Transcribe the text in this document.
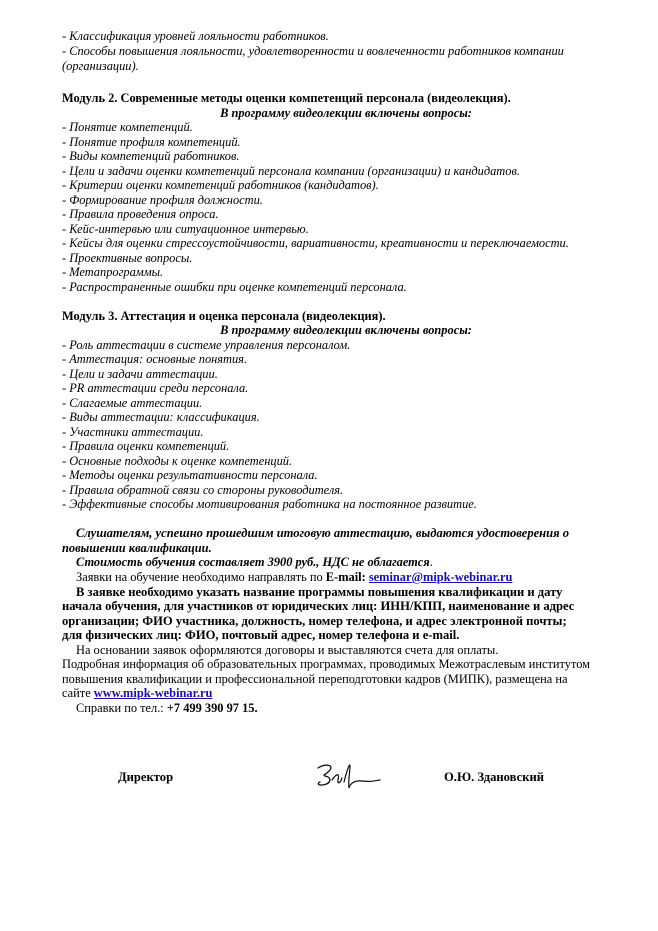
- Классификация уровней лояльности работников.
- Способы повышения лояльности, удовлетворенности и вовлеченности работников компании
(организации).
Модуль 2. Современные методы оценки компетенций персонала (видеолекция).
В программу видеолекции включены вопросы:
- Понятие компетенций.
- Понятие профиля компетенций.
- Виды компетенций работников.
- Цели и задачи оценки компетенций персонала компании (организации) и кандидатов.
- Критерии оценки компетенций работников (кандидатов).
- Формирование профиля должности.
- Правила проведения опроса.
- Кейс-интервью или ситуационное интервью.
- Кейсы для оценки стрессоустойчивости, вариативности, креативности и переключаемости.
- Проективные вопросы.
- Метапрограммы.
- Распространенные ошибки при оценке компетенций персонала.
Модуль 3. Аттестация и оценка персонала (видеолекция).
В программу видеолекции включены вопросы:
- Роль аттестации в системе управления персоналом.
- Аттестация: основные понятия.
- Цели и задачи аттестации.
- PR аттестации среди персонала.
- Слагаемые аттестации.
- Виды аттестации: классификация.
- Участники аттестации.
- Правила оценки компетенций.
- Основные подходы к оценке компетенций.
- Методы оценки результативности персонала.
- Правила обратной связи со стороны руководителя.
- Эффективные способы мотивирования работника на постоянное развитие.
Слушателям, успешно прошедшим итоговую аттестацию, выдаются удостоверения о
повышении квалификации.
Стоимость обучения составляет 3900 руб., НДС не облагается.
Заявки на обучение необходимо направлять по E-mail: seminar@mipk-webinar.ru
В заявке необходимо указать название программы повышения квалификации и дату
начала обучения, для участников от юридических лиц: ИНН/КПП, наименование и адрес
организации; ФИО участника, должность, номер телефона, и адрес электронной почты;
для физических лиц: ФИО, почтовый адрес, номер телефона и e-mail.
На основании заявок оформляются договоры и выставляются счета для оплаты.
Подробная информация об образовательных программах, проводимых Межотраслевым институтом
повышения квалификации и профессиональной переподготовки кадров (МИПК), размещена на
сайте www.mipk-webinar.ru
Справки по тел.: +7 499 390 97 15.
Директор	О.Ю. Здановский
